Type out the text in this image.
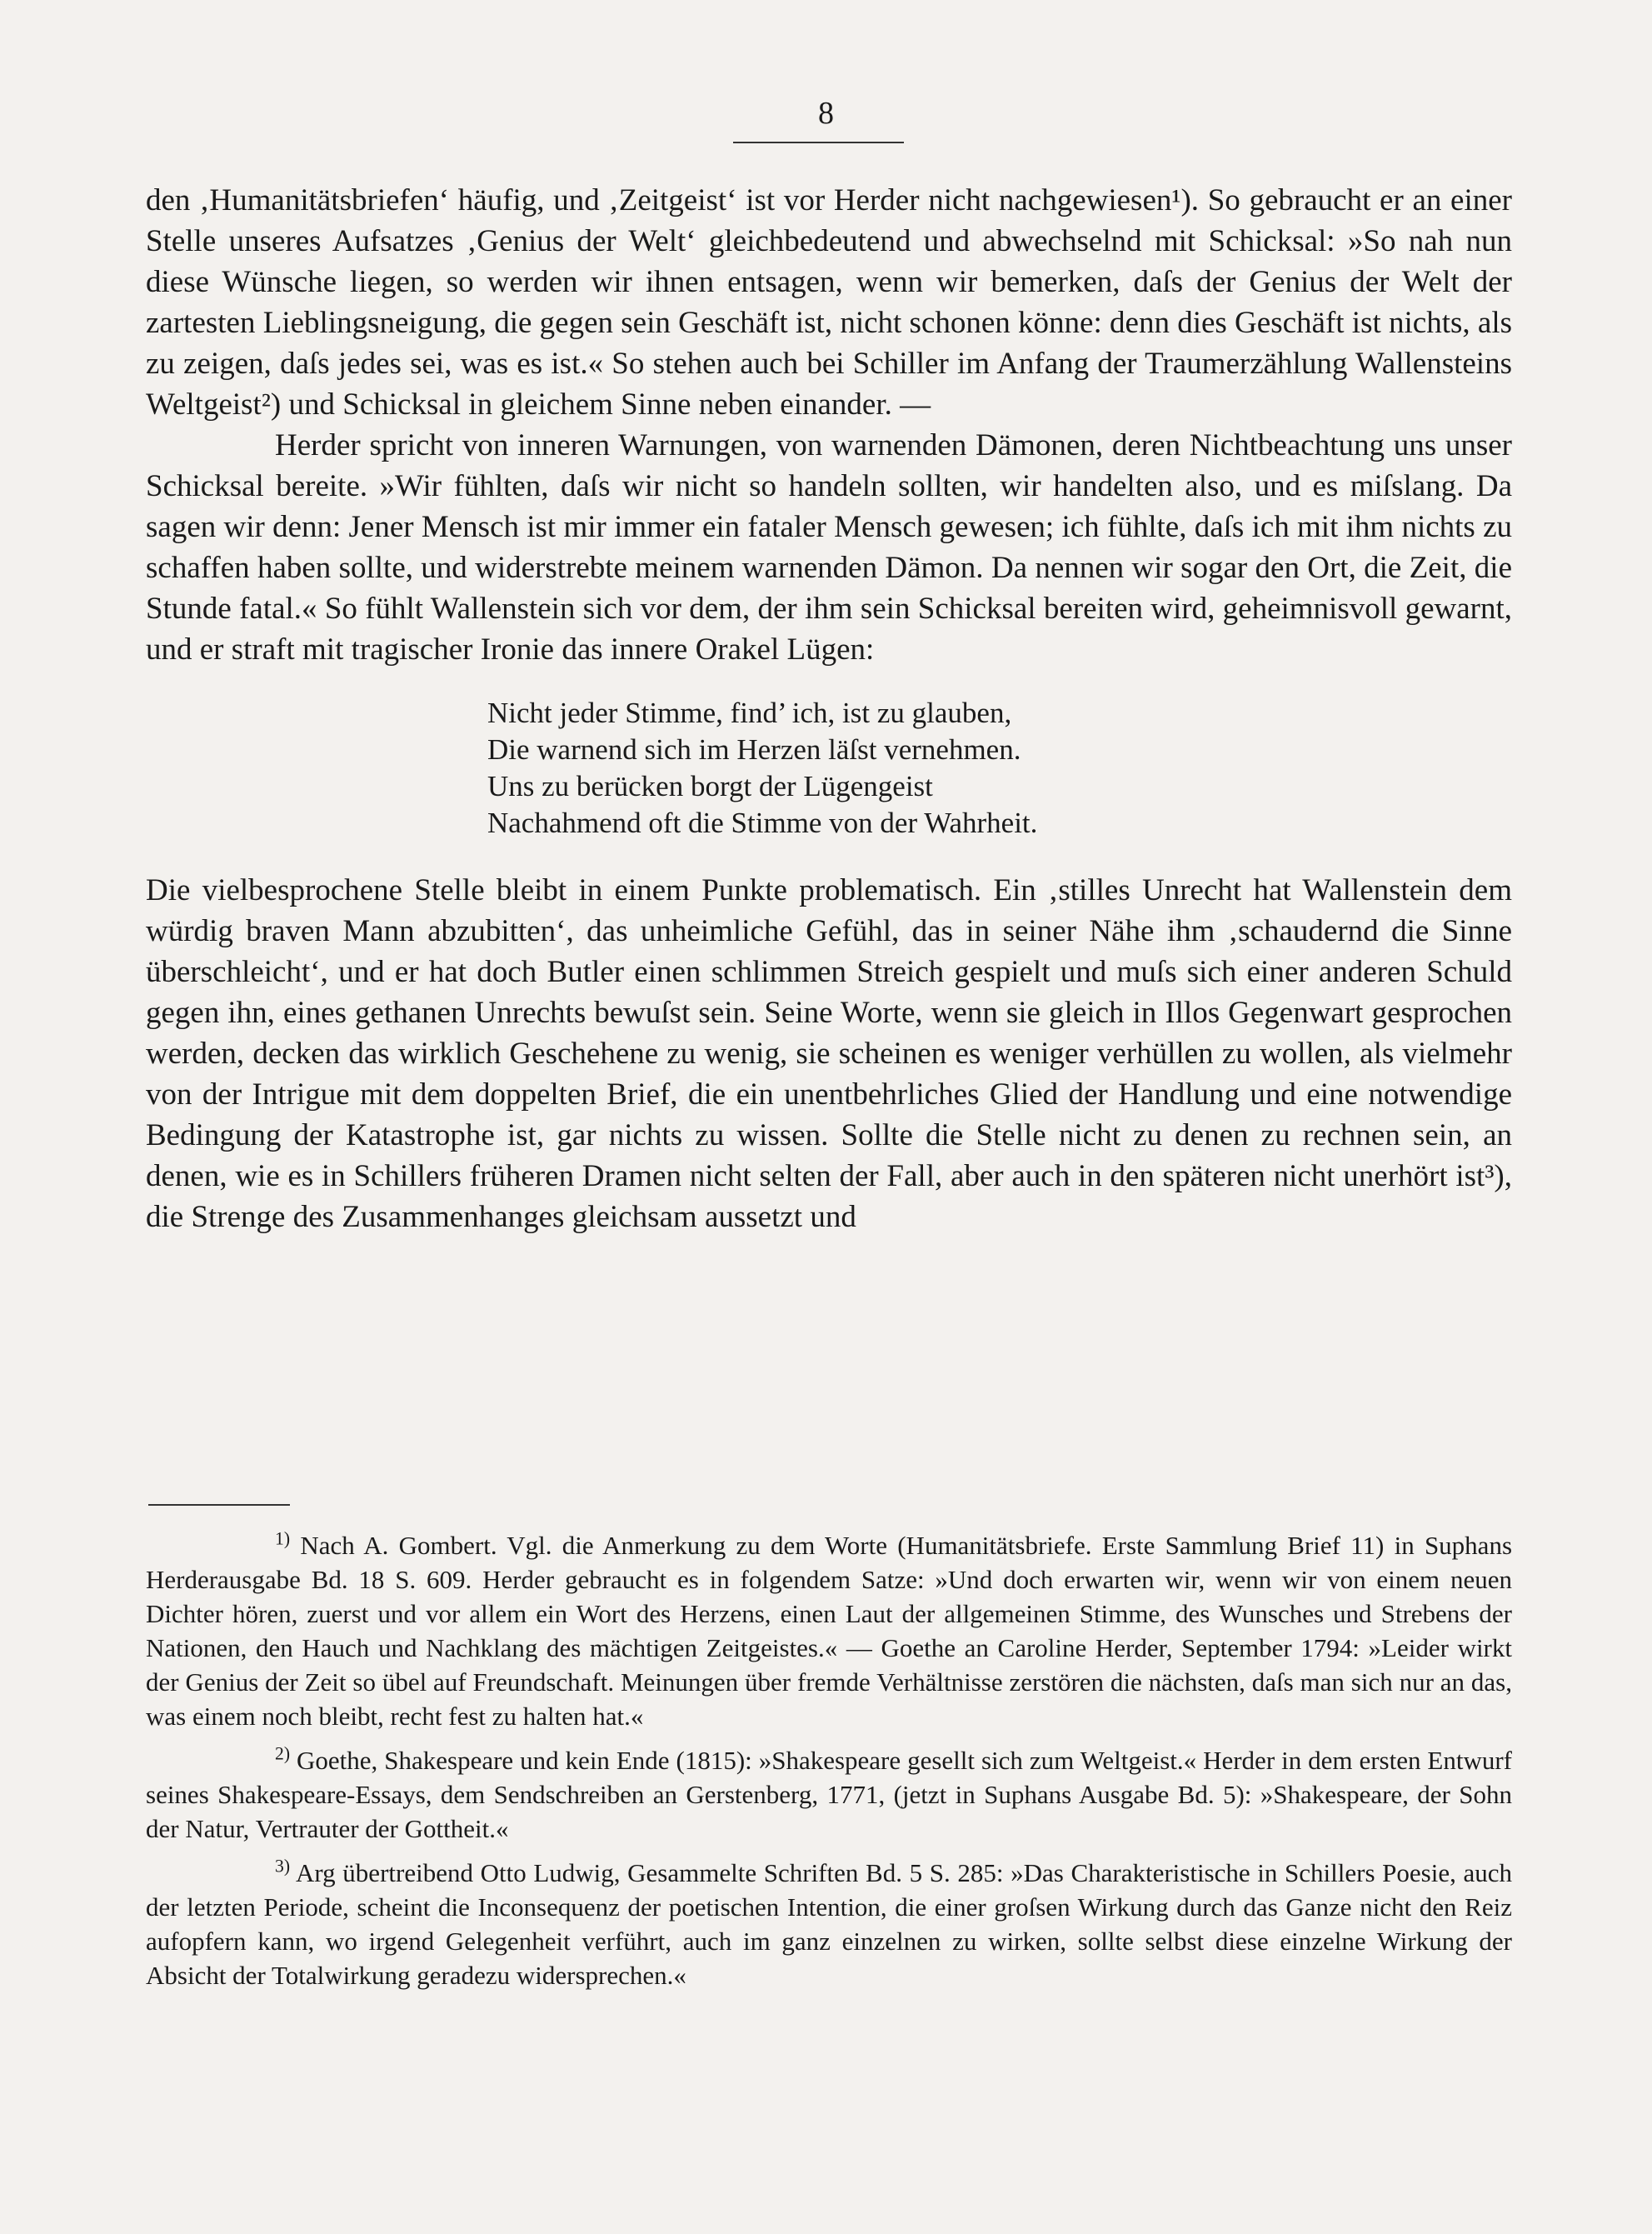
8

den ‚Humanitätsbriefen‘ häufig, und ‚Zeitgeist‘ ist vor Herder nicht nachgewiesen¹). So gebraucht er an einer Stelle unseres Aufsatzes ‚Genius der Welt‘ gleichbedeutend und abwechselnd mit Schicksal: »So nah nun diese Wünsche liegen, so werden wir ihnen entsagen, wenn wir bemerken, daſs der Genius der Welt der zartesten Lieblingsneigung, die gegen sein Geschäft ist, nicht schonen könne: denn dies Geschäft ist nichts, als zu zeigen, daſs jedes sei, was es ist.« So stehen auch bei Schiller im Anfang der Traumerzählung Wallensteins Weltgeist²) und Schicksal in gleichem Sinne neben einander. —

Herder spricht von inneren Warnungen, von warnenden Dämonen, deren Nichtbeachtung uns unser Schicksal bereite. »Wir fühlten, daſs wir nicht so handeln sollten, wir handelten also, und es miſslang. Da sagen wir denn: Jener Mensch ist mir immer ein fataler Mensch gewesen; ich fühlte, daſs ich mit ihm nichts zu schaffen haben sollte, und widerstrebte meinem warnenden Dämon. Da nennen wir sogar den Ort, die Zeit, die Stunde fatal.« So fühlt Wallenstein sich vor dem, der ihm sein Schicksal bereiten wird, geheimnisvoll gewarnt, und er straft mit tragischer Ironie das innere Orakel Lügen:

Nicht jeder Stimme, find’ ich, ist zu glauben,
Die warnend sich im Herzen läſst vernehmen.
Uns zu berücken borgt der Lügengeist
Nachahmend oft die Stimme von der Wahrheit.

Die vielbesprochene Stelle bleibt in einem Punkte problematisch. Ein ‚stilles Unrecht hat Wallenstein dem würdig braven Mann abzubitten‘, das unheimliche Gefühl, das in seiner Nähe ihm ‚schaudernd die Sinne überschleicht‘, und er hat doch Butler einen schlimmen Streich gespielt und muſs sich einer anderen Schuld gegen ihn, eines gethanen Unrechts bewuſst sein. Seine Worte, wenn sie gleich in Illos Gegenwart gesprochen werden, decken das wirklich Geschehene zu wenig, sie scheinen es weniger verhüllen zu wollen, als vielmehr von der Intrigue mit dem doppelten Brief, die ein unentbehrliches Glied der Handlung und eine notwendige Bedingung der Katastrophe ist, gar nichts zu wissen. Sollte die Stelle nicht zu denen zu rechnen sein, an denen, wie es in Schillers früheren Dramen nicht selten der Fall, aber auch in den späteren nicht unerhört ist³), die Strenge des Zusammenhanges gleichsam aussetzt und

$^{1)}$ Nach A. Gombert. Vgl. die Anmerkung zu dem Worte (Humanitätsbriefe. Erste Sammlung Brief 11) in Suphans Herderausgabe Bd. 18 S. 609. Herder gebraucht es in folgendem Satze: »Und doch erwarten wir, wenn wir von einem neuen Dichter hören, zuerst und vor allem ein Wort des Herzens, einen Laut der allgemeinen Stimme, des Wunsches und Strebens der Nationen, den Hauch und Nachklang des mächtigen Zeitgeistes.« — Goethe an Caroline Herder, September 1794: »Leider wirkt der Genius der Zeit so übel auf Freundschaft. Meinungen über fremde Verhältnisse zerstören die nächsten, daſs man sich nur an das, was einem noch bleibt, recht fest zu halten hat.«

$^{2)}$ Goethe, Shakespeare und kein Ende (1815): »Shakespeare gesellt sich zum Weltgeist.« Herder in dem ersten Entwurf seines Shakespeare-Essays, dem Sendschreiben an Gerstenberg, 1771, (jetzt in Suphans Ausgabe Bd. 5): »Shakespeare, der Sohn der Natur, Vertrauter der Gottheit.«

$^{3)}$ Arg übertreibend Otto Ludwig, Gesammelte Schriften Bd. 5 S. 285: »Das Charakteristische in Schillers Poesie, auch der letzten Periode, scheint die Inconsequenz der poetischen Intention, die einer groſsen Wirkung durch das Ganze nicht den Reiz aufopfern kann, wo irgend Gelegenheit verführt, auch im ganz einzelnen zu wirken, sollte selbst diese einzelne Wirkung der Absicht der Totalwirkung geradezu widersprechen.«
